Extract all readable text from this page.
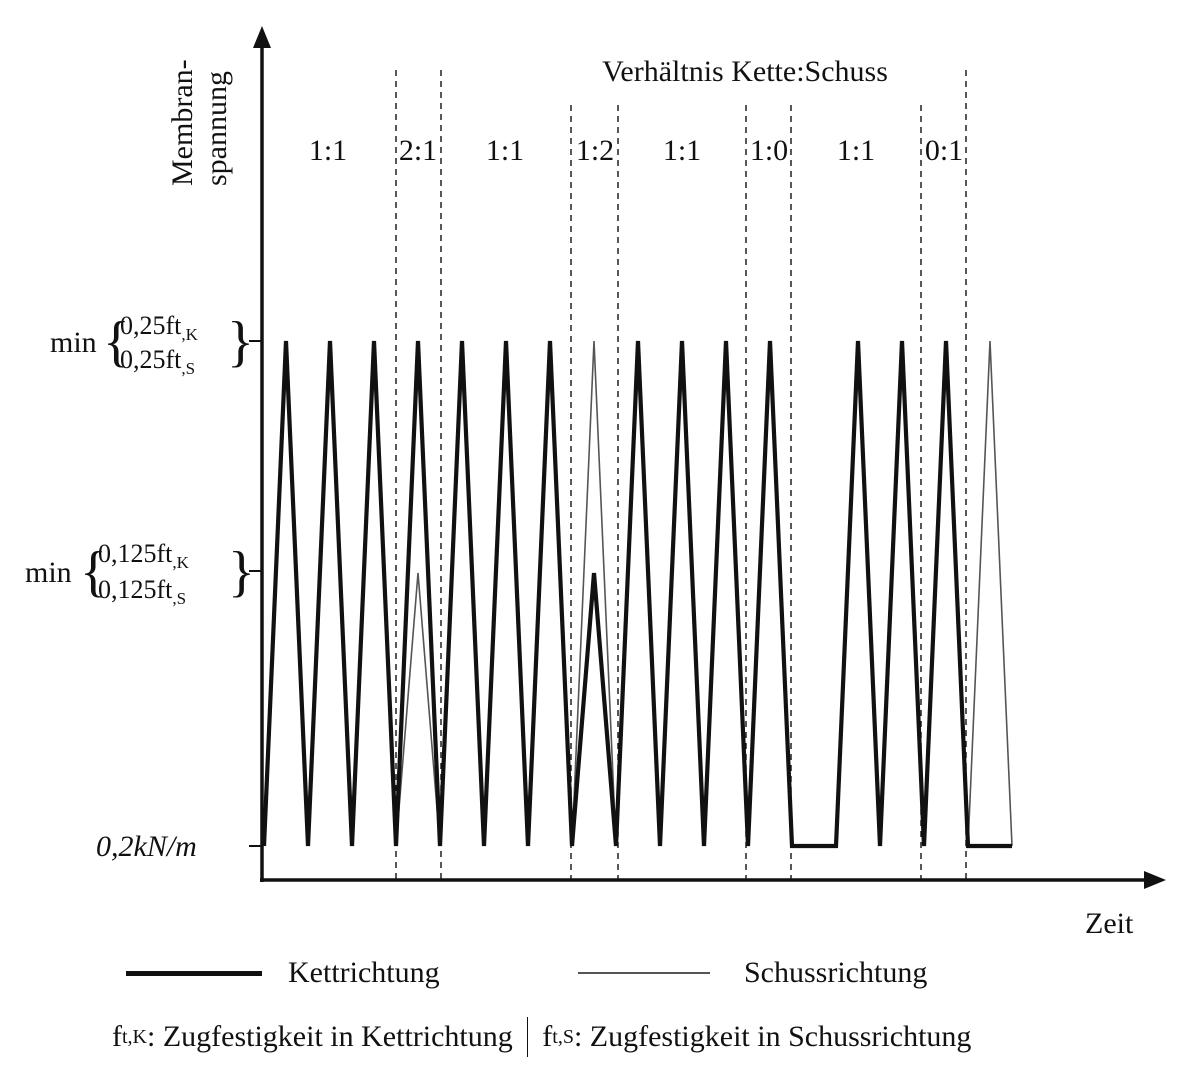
Membran- spannung
Zeit
Verhältnis Kette:Schuss
1:1 2:1 1:1 1:2 1:1 1:0 1:1 0:1
min {
$0,25ft_{,K}$
$0,25ft_{,S}$ }
min {
$0,125ft_{,K}$
$0,125ft_{,S}$ }
0,2kN/m
Kettrichtung	Schussrichtung
f t,K : Zugfestigkeit in Kettrichtung f t,S : Zugfestigkeit in Schussrichtung
